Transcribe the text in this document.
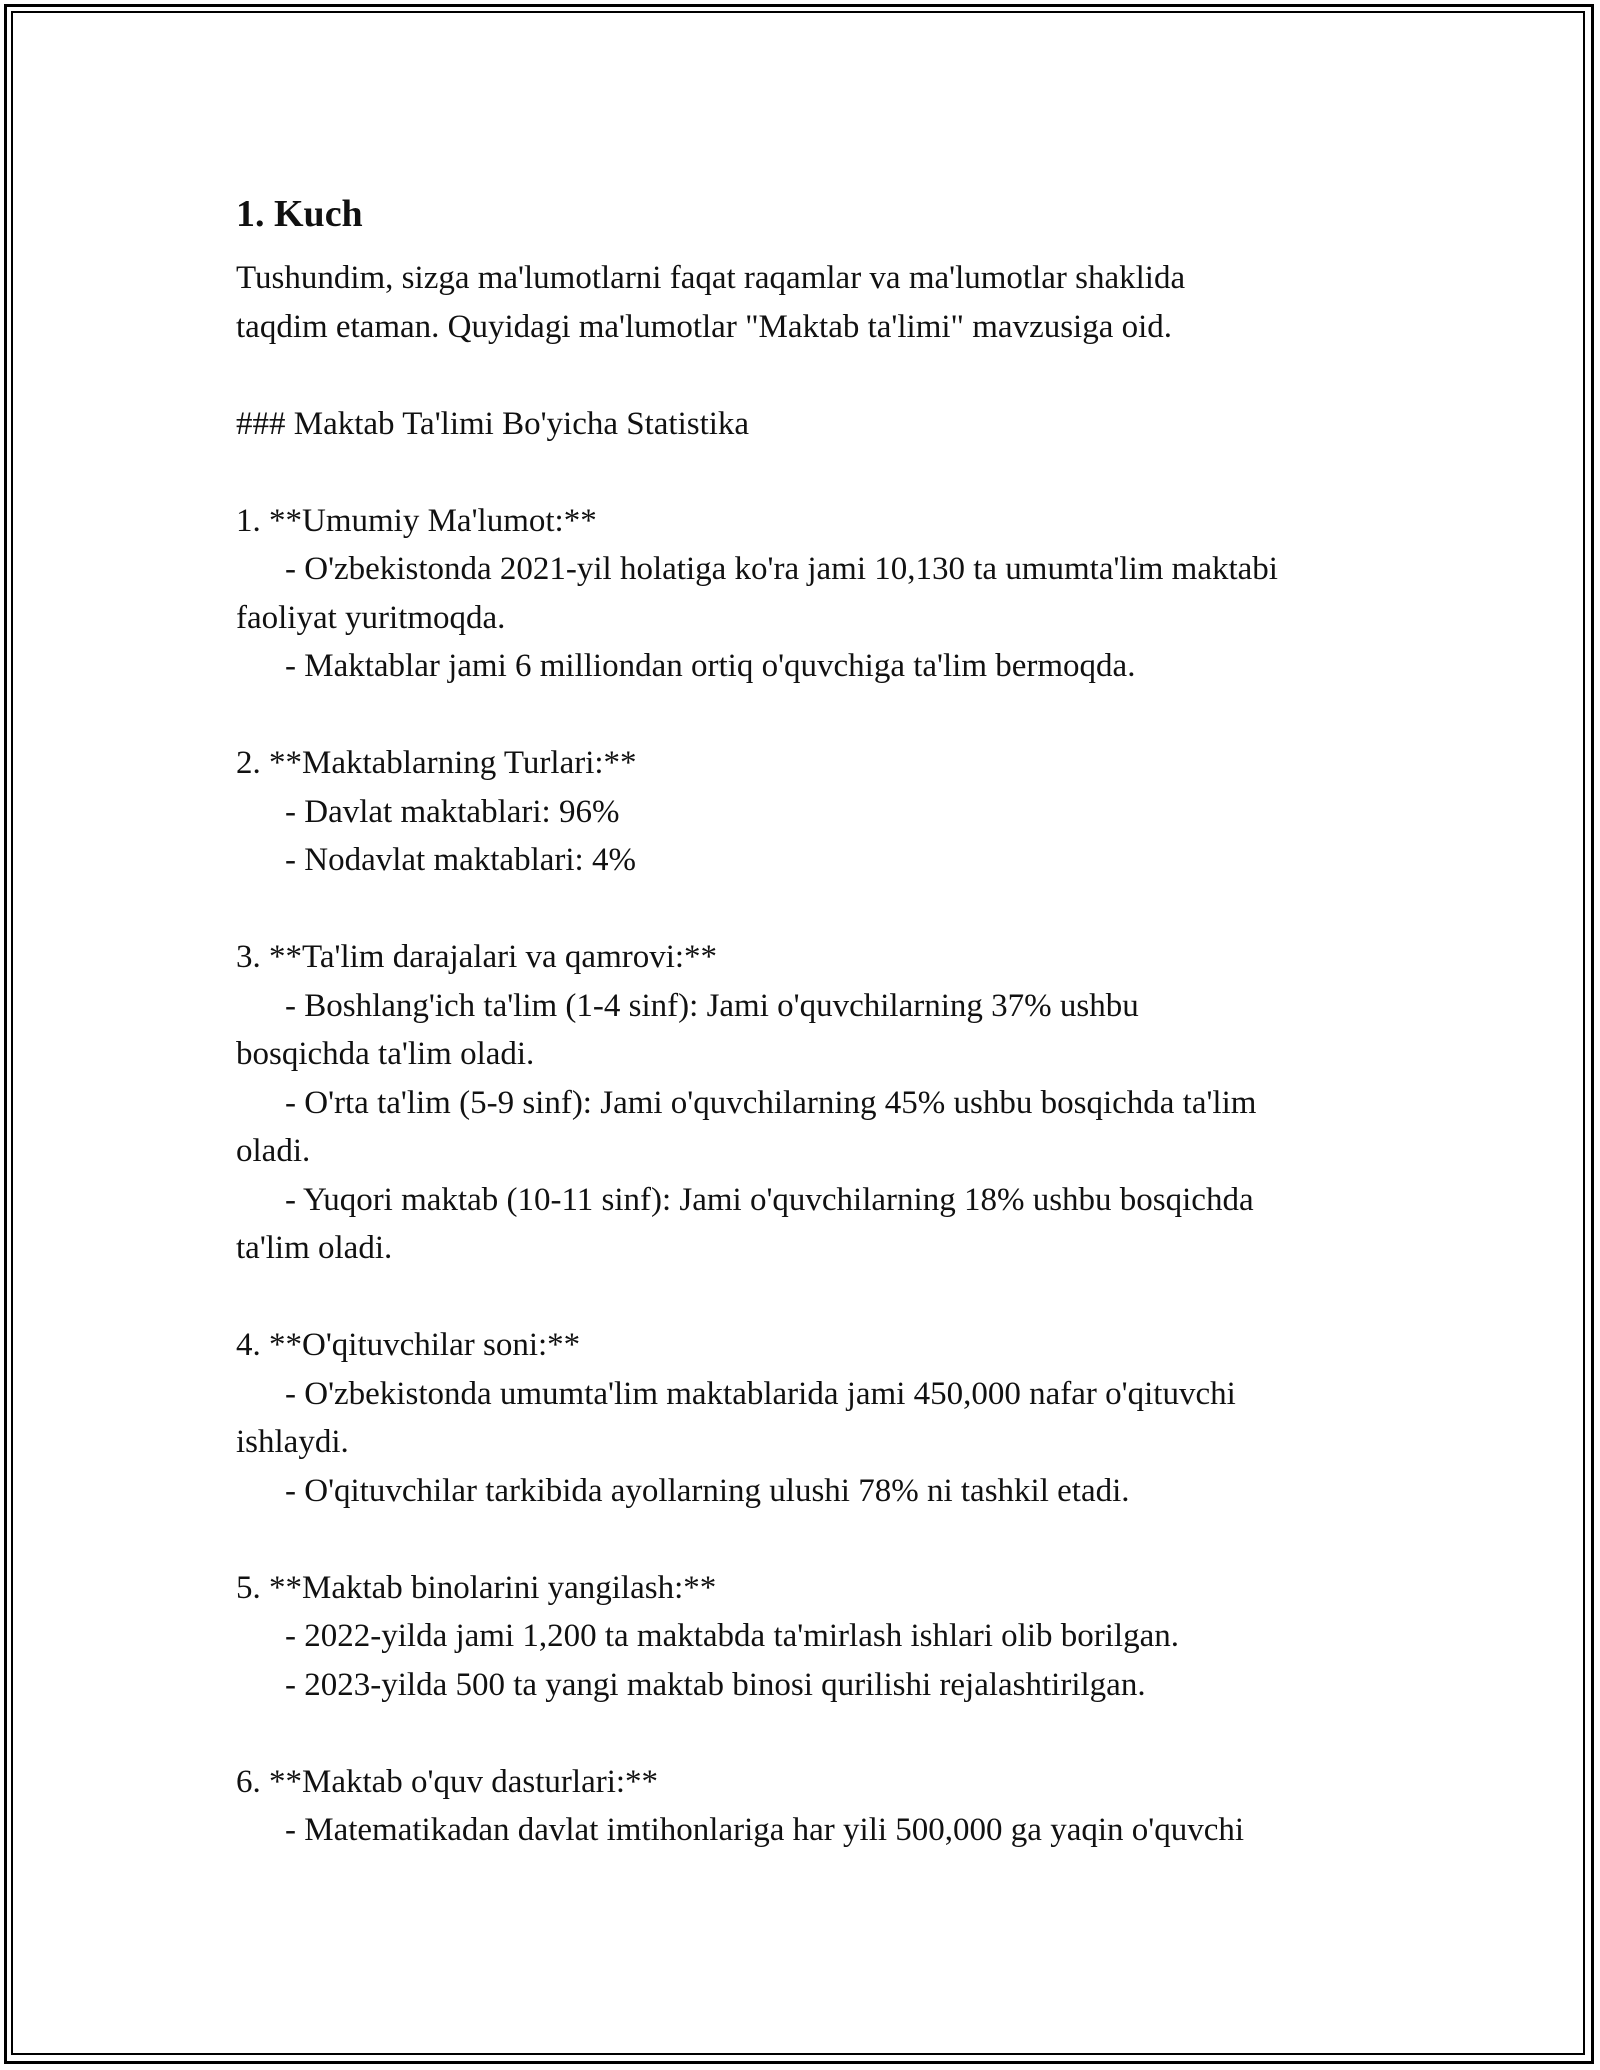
1. Kuch
Tushundim, sizga ma'lumotlarni faqat raqamlar va ma'lumotlar shaklida
taqdim etaman. Quyidagi ma'lumotlar "Maktab ta'limi" mavzusiga oid.
### Maktab Ta'limi Bo'yicha Statistika
1. **Umumiy Ma'lumot:**
- O'zbekistonda 2021-yil holatiga ko'ra jami 10,130 ta umumta'lim maktabi
faoliyat yuritmoqda.
- Maktablar jami 6 milliondan ortiq o'quvchiga ta'lim bermoqda.
2. **Maktablarning Turlari:**
- Davlat maktablari: 96%
- Nodavlat maktablari: 4%
3. **Ta'lim darajalari va qamrovi:**
- Boshlang'ich ta'lim (1-4 sinf): Jami o'quvchilarning 37% ushbu
bosqichda ta'lim oladi.
- O'rta ta'lim (5-9 sinf): Jami o'quvchilarning 45% ushbu bosqichda ta'lim
oladi.
- Yuqori maktab (10-11 sinf): Jami o'quvchilarning 18% ushbu bosqichda
ta'lim oladi.
4. **O'qituvchilar soni:**
- O'zbekistonda umumta'lim maktablarida jami 450,000 nafar o'qituvchi
ishlaydi.
- O'qituvchilar tarkibida ayollarning ulushi 78% ni tashkil etadi.
5. **Maktab binolarini yangilash:**
- 2022-yilda jami 1,200 ta maktabda ta'mirlash ishlari olib borilgan.
- 2023-yilda 500 ta yangi maktab binosi qurilishi rejalashtirilgan.
6. **Maktab o'quv dasturlari:**
- Matematikadan davlat imtihonlariga har yili 500,000 ga yaqin o'quvchi
